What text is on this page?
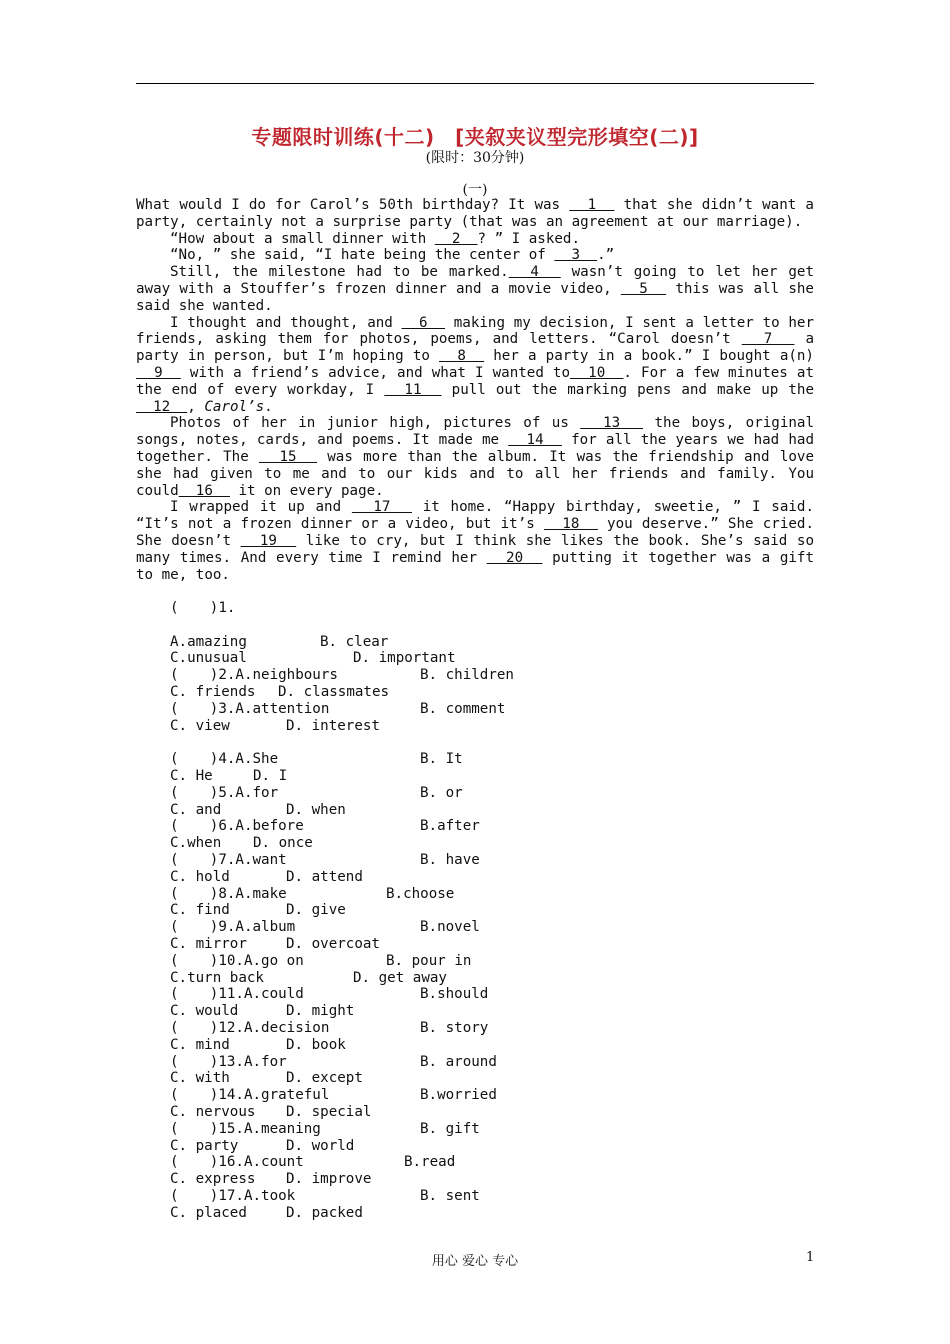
专题限时训练(十二)　[夹叙夹议型完形填空(二)]
(限时：30分钟)
(一)

What would I do for Carol’s 50th birthday? It was   1   that she didn’t want a party, certainly not a surprise party (that was an agreement at our marriage).

“How about a small dinner with   2  ? ” I asked.

“No, ” she said, “I hate being the center of   3  .”

Still, the milestone had to be marked.  4   wasn’t going to let her get away with a Stouffer’s frozen dinner and a movie video,   5   this was all she said she wanted.

I thought and thought, and   6   making my decision, I sent a letter to her friends, asking them for photos, poems, and letters. “Carol doesn’t   7   a party in person, but I’m hoping to   8   her a party in a book.” I bought a(n)   9   with a friend’s advice, and what I wanted to  10  . For a few minutes at the end of every workday, I   11   pull out the marking pens and make up the   12  , Carol’s.

Photos of her in junior high, pictures of us   13   the boys, original songs, notes, cards, and poems. It made me   14   for all the years we had had together. The   15   was more than the album. It was the friendship and love she had given to me and to our kids and to all her friends and family. You could  16   it on every page.

I wrapped it up and   17   it home. “Happy birthday, sweetie, ” I said. “It’s not a frozen dinner or a video, but it’s   18   you deserve.” She cried. She doesn’t   19   like to cry, but I think she likes the book. She’s said so many times. And every time I remind her   20   putting it together was a gift to me, too.

(　  )1.
A.amazing	B. clear
C.unusual	D. important
(　  )2.A.neighbours	B. children
C. friends D. classmates
(　  )3.A.attention	B. comment
C. view	D. interest
(　  )4.A.She	B. It
C. He	D. I
(　  )5.A.for	B. or
C. and	D. when
(　  )6.A.before	B.after
C.when D. once
(　  )7.A.want	B. have
C. hold	D. attend
(　  )8.A.make	B.choose
C. find	D. give
(　  )9.A.album	B.novel
C. mirror	D. overcoat
(　  )10.A.go on	B. pour in
C.turn back	D. get away
(　  )11.A.could	B.should
C. would	D. might
(　  )12.A.decision	B. story
C. mind	D. book
(　  )13.A.for	B. around
C. with	D. except
(　  )14.A.grateful	B.worried
C. nervous D. special
(　  )15.A.meaning	B. gift
C. party	D. world
(　  )16.A.count	B.read
C. express D. improve
(　  )17.A.took	B. sent
C. placed	D. packed
用心 爱心 专心	1
